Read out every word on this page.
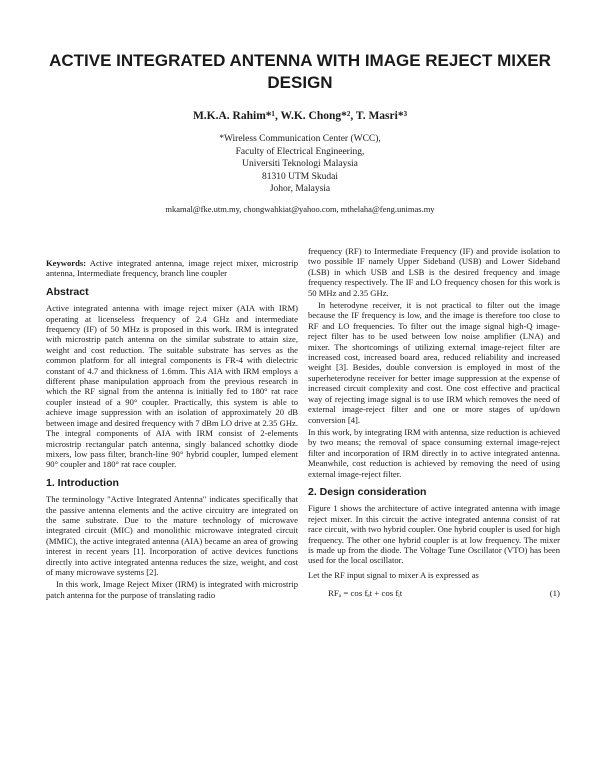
ACTIVE INTEGRATED ANTENNA WITH IMAGE REJECT MIXER DESIGN
M.K.A. Rahim*¹, W.K. Chong*², T. Masri*³
*Wireless Communication Center (WCC),
Faculty of Electrical Engineering,
Universiti Teknologi Malaysia
81310 UTM Skudai
Johor, Malaysia
mkamal@fke.utm.my, chongwahkiat@yahoo.com, mthelaha@feng.unimas.my

Keywords: Active integrated antenna, image reject mixer, microstrip antenna, Intermediate frequency, branch line coupler

Abstract

Active integrated antenna with image reject mixer (AIA with IRM) operating at licenseless frequency of 2.4 GHz and intermediate frequency (IF) of 50 MHz is proposed in this work. IRM is integrated with microstrip patch antenna on the similar substrate to attain size, weight and cost reduction. The suitable substrate has serves as the common platform for all integral components is FR-4 with dielectric constant of 4.7 and thickness of 1.6mm. This AIA with IRM employs a different phase manipulation approach from the previous research in which the RF signal from the antenna is initially fed to 180° rat race coupler instead of a 90° coupler. Practically, this system is able to achieve image suppression with an isolation of approximately 20 dB between image and desired frequency with 7 dBm LO drive at 2.35 GHz. The integral components of AIA with IRM consist of 2-elements microstrip rectangular patch antenna, singly balanced schottky diode mixers, low pass filter, branch-line 90° hybrid coupler, lumped element 90° coupler and 180° rat race coupler.

1. Introduction

The terminology "Active Integrated Antenna" indicates specifically that the passive antenna elements and the active circuitry are integrated on the same substrate. Due to the mature technology of microwave integrated circuit (MIC) and monolithic microwave integrated circuit (MMIC), the active integrated antenna (AIA) became an area of growing interest in recent years [1]. Incorporation of active devices functions directly into active integrated antenna reduces the size, weight, and cost of many microwave systems [2].

In this work, Image Reject Mixer (IRM) is integrated with microstrip patch antenna for the purpose of translating radio

frequency (RF) to Intermediate Frequency (IF) and provide isolation to two possible IF namely Upper Sideband (USB) and Lower Sideband (LSB) in which USB and LSB is the desired frequency and image frequency respectively. The IF and LO frequency chosen for this work is 50 MHz and 2.35 GHz.

In heterodyne receiver, it is not practical to filter out the image because the IF frequency is low, and the image is therefore too close to RF and LO frequencies. To filter out the image signal high-Q image-reject filter has to be used between low noise amplifier (LNA) and mixer. The shortcomings of utilizing external image-reject filter are increased cost, increased board area, reduced reliability and increased weight [3]. Besides, double conversion is employed in most of the superheterodyne receiver for better image suppression at the expense of increased circuit complexity and cost. One cost effective and practical way of rejecting image signal is to use IRM which removes the need of external image-reject filter and one or more stages of up/down conversion [4].

In this work, by integrating IRM with antenna, size reduction is achieved by two means; the removal of space consuming external image-reject filter and incorporation of IRM directly in to active integrated antenna. Meanwhile, cost reduction is achieved by removing the need of using external image-reject filter.

2. Design consideration

Figure 1 shows the architecture of active integrated antenna with image reject mixer. In this circuit the active integrated antenna consist of rat race circuit, with two hybrid coupler. One hybrid coupler is used for high frequency. The other one hybrid coupler is at low frequency. The mixer is made up from the diode. The Voltage Tune Oscillator (VTO) has been used for the local oscillator.

Let the RF input signal to mixer A is expressed as

RFₐ = cos fₑt + cos fᵢt	(1)
